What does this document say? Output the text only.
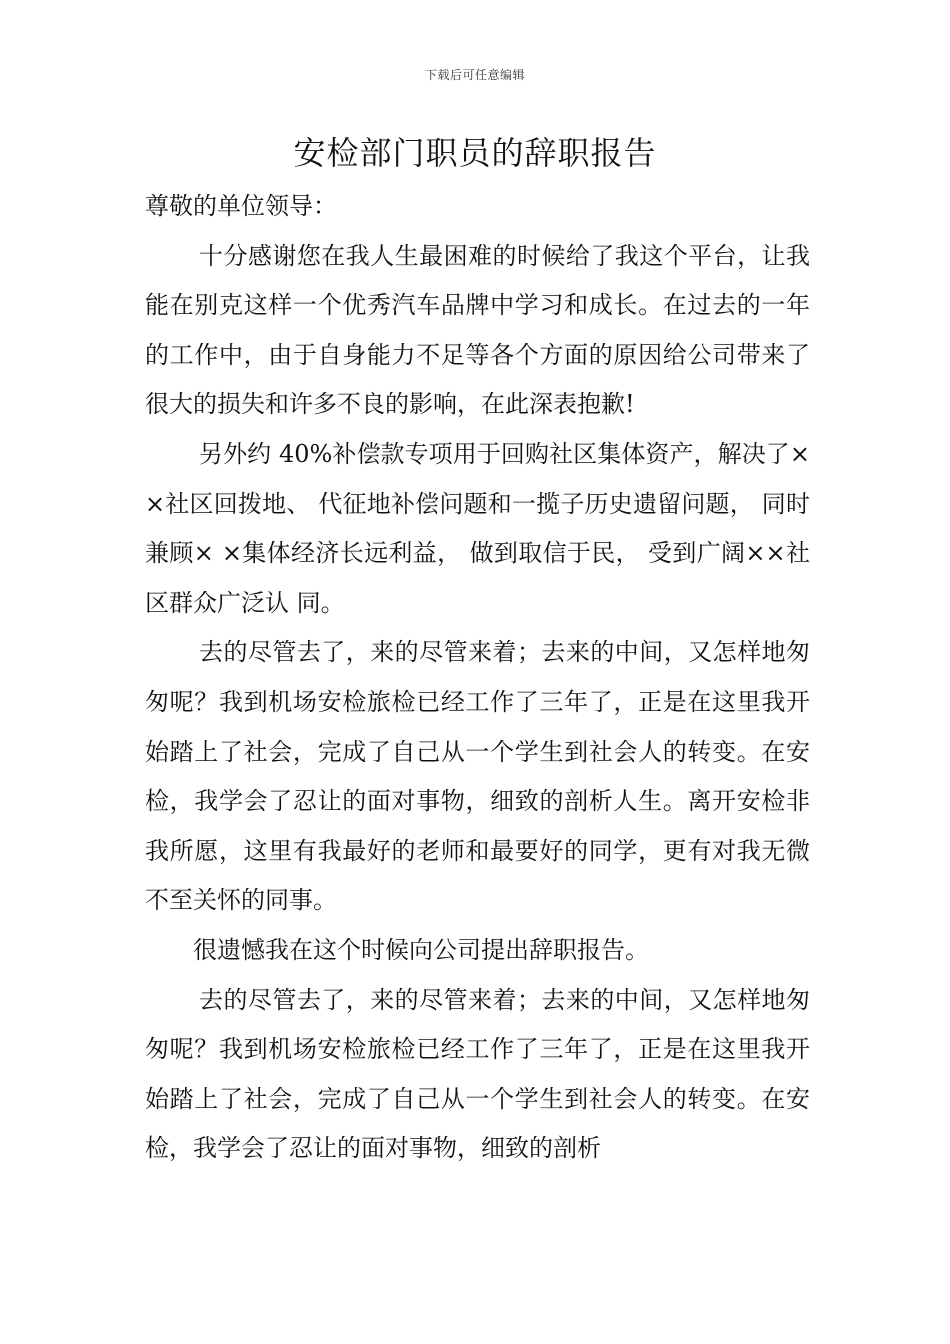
下载后可任意编辑
安检部门职员的辞职报告

尊敬的单位领导：

十分感谢您在我人生最困难的时候给了我这个平台，让我能在别克这样一个优秀汽车品牌中学习和成长。在过去的一年的工作中，由于自身能力不足等各个方面的原因给公司带来了很大的损失和许多不良的影响，在此深表抱歉!

另外约 40%补偿款专项用于回购社区集体资产，解决了× ×社区回拨地、 代征地补偿问题和一揽子历史遗留问题， 同时兼顾× ×集体经济长远利益， 做到取信于民， 受到广阔××社区群众广泛认 同。

去的尽管去了，来的尽管来着；去来的中间，又怎样地匆匆呢？我到机场安检旅检已经工作了三年了，正是在这里我开始踏上了社会，完成了自己从一个学生到社会人的转变。在安检，我学会了忍让的面对事物，细致的剖析人生。离开安检非我所愿，这里有我最好的老师和最要好的同学，更有对我无微不至关怀的同事。

很遗憾我在这个时候向公司提出辞职报告。

去的尽管去了，来的尽管来着；去来的中间，又怎样地匆匆呢？我到机场安检旅检已经工作了三年了，正是在这里我开始踏上了社会，完成了自己从一个学生到社会人的转变。在安检，我学会了忍让的面对事物，细致的剖析
